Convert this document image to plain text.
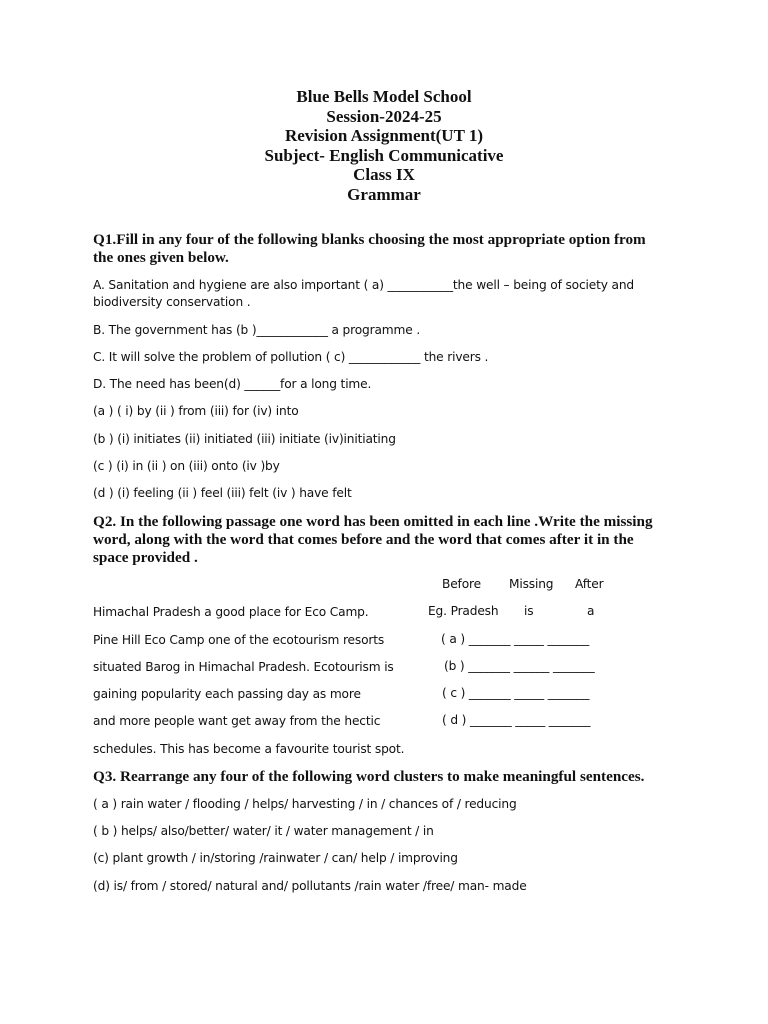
Blue Bells Model School
Session-2024-25
Revision Assignment(UT 1)
Subject- English Communicative
Class IX
Grammar
Q1.Fill in any four of the following blanks choosing the most appropriate option from
the ones given below.
A. Sanitation and hygiene are also important ( a) ___________the well – being of society and
biodiversity conservation .
B. The government has (b )____________ a programme .
C. It will solve the problem of pollution ( c) ____________ the rivers .
D. The need has been(d) ______for a long time.
(a ) ( i) by (ii ) from (iii) for (iv) into
(b ) (i) initiates (ii) initiated (iii) initiate (iv)initiating
(c ) (i) in (ii ) on (iii) onto (iv )by
(d ) (i) feeling (ii ) feel (iii) felt (iv ) have felt
Q2. In the following passage one word has been omitted in each line .Write the missing
word, along with the word that comes before and the word that comes after it in the
space provided .
Before Missing After
Himachal Pradesh a good place for Eco Camp.	Eg. Pradesh is	a
Pine Hill Eco Camp one of the ecotourism resorts	( a ) _______ _____ _______
situated Barog in Himachal Pradesh. Ecotourism is	(b ) _______ ______ _______
gaining popularity each passing day as more	( c ) _______ _____ _______
and more people want get away from the hectic	( d ) _______ _____ _______
schedules. This has become a favourite tourist spot.
Q3. Rearrange any four of the following word clusters to make meaningful sentences.
( a ) rain water / flooding / helps/ harvesting / in / chances of / reducing
( b ) helps/ also/better/ water/ it / water management / in
(c) plant growth / in/storing /rainwater / can/ help / improving
(d) is/ from / stored/ natural and/ pollutants /rain water /free/ man- made
